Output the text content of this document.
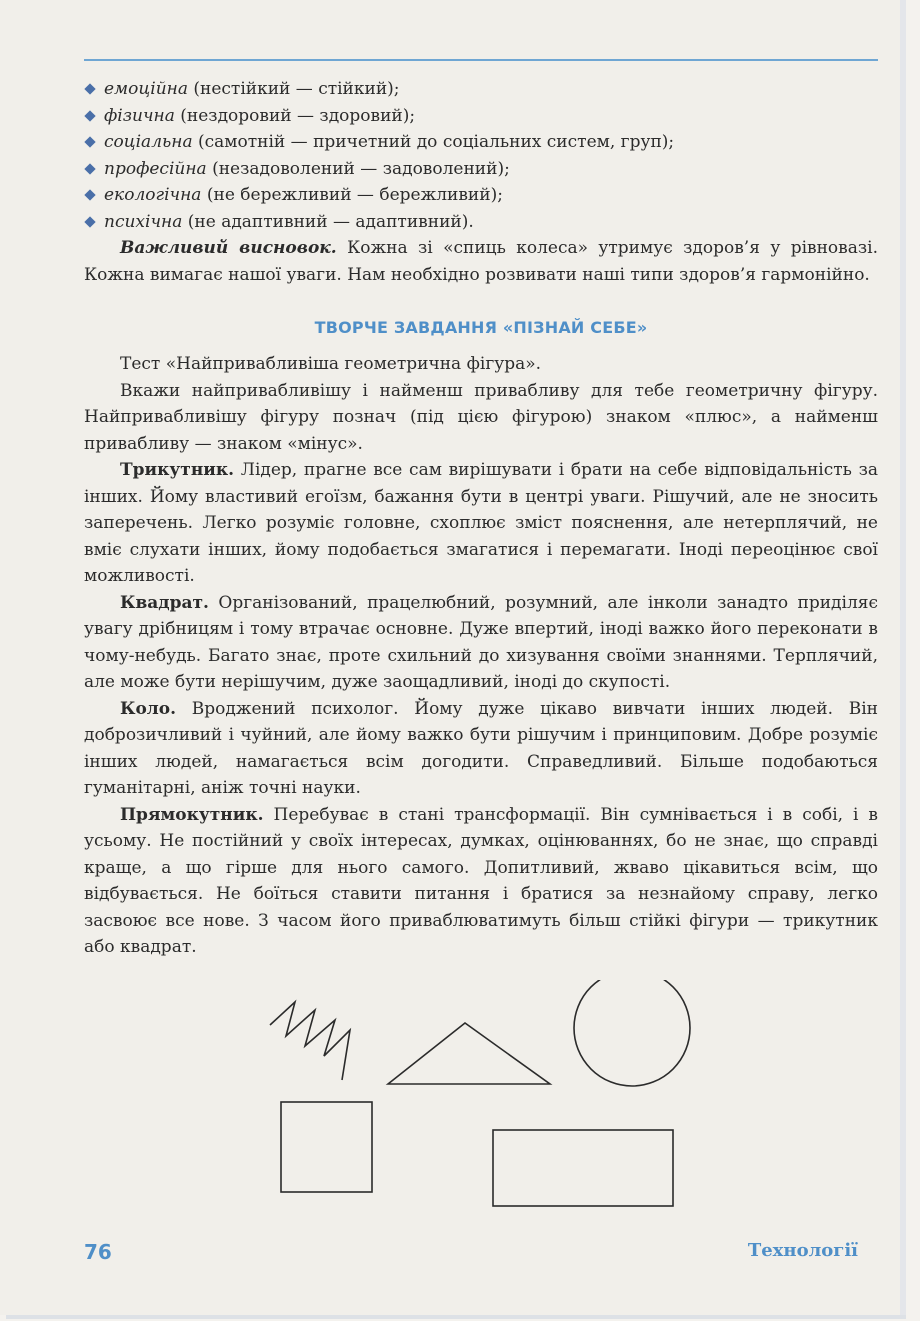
емоційна (нестійкий — стійкий);
фізична (нездоровий — здоровий);
соціальна (самотній — причетний до соціальних систем, груп);
професійна (незадоволений — задоволений);
екологічна (не бережливий — бережливий);
психічна (не адаптивний — адаптивний).

Важливий висновок. Кожна зі «спиць колеса» утримує здоров’я у рівновазі. Кожна вимагає нашої уваги. Нам необхідно розвивати наші типи здоров’я гармонійно.

ТВОРЧЕ ЗАВДАННЯ «ПІЗНАЙ СЕБЕ»

Тест «Найпривабливіша геометрична фігура».

Вкажи найпривабливішу і найменш привабливу для тебе геометричну фігуру. Найпривабливішу фігуру познач (під цією фігурою) знаком «плюс», а найменш привабливу — знаком «мінус».

Трикутник. Лідер, прагне все сам вирішувати і брати на себе відповідальність за інших. Йому властивий егоїзм, бажання бути в центрі уваги. Рішучий, але не зносить заперечень. Легко розуміє головне, схоплює зміст пояснення, але нетерплячий, не вміє слухати інших, йому подобається змагатися і перемагати. Іноді переоцінює свої можливості.

Квадрат. Організований, працелюбний, розумний, але інколи занадто приділяє увагу дрібницям і тому втрачає основне. Дуже впертий, іноді важко його переконати в чому-небудь. Багато знає, проте схильний до хизування своїми знаннями. Терплячий, але може бути нерішучим, дуже заощадливий, іноді до скупості.

Коло. Вроджений психолог. Йому дуже цікаво вивчати інших людей. Він доброзичливий і чуйний, але йому важко бути рішучим і принциповим. Добре розуміє інших людей, намагається всім догодити. Справедливий. Більше подобаються гуманітарні, аніж точні науки.

Прямокутник. Перебуває в стані трансформації. Він сумнівається і в собі, і в усьому. Не постійний у своїх інтересах, думках, оцінюваннях, бо не знає, що справді краще, а що гірше для нього самого. Допитливий, жваво цікавиться всім, що відбувається. Не боїться ставити питання і братися за незнайому справу, легко засвоює все нове. З часом його приваблюватимуть більш стійкі фігури — трикутник або квадрат.

76	Технології
